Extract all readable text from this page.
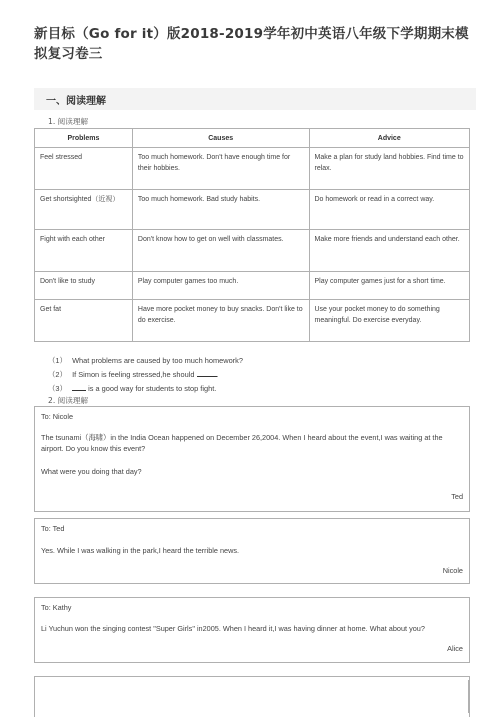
新目标（Go for it）版2018-2019学年初中英语八年级下学期期末模拟复习卷三
一、阅读理解
1. 阅读理解
Problems	Causes	Advice
Feel stressed	Too much homework. Don't have enough time for their hobbies.	Make a plan for study land hobbies. Find time to relax.
Get shortsighted（近视）	Too much homework. Bad study habits.	Do homework or read in a correct way.
Fight with each other	Don't know how to get on well with classmates.	Make more friends and understand each other.
Don't like to study	Play computer games too much.	Play computer games just for a short time.
Get fat	Have more pocket money to buy snacks. Don't like to do exercise.	Use your pocket money to do something meaningful. Do exercise everyday.
（1） What problems are caused by too much homework?
（2） If Simon is feeling stressed,he should	.
（3）	is a good way for students to stop fight.
2. 阅读理解
To: Nicole
The tsunami（海啸）in the India Ocean happened on December 26,2004. When I heard about the event,I was waiting at the airport. Do you know this event?
What were you doing that day?
Ted
To: Ted
Yes. While I was walking in the park,I heard the terrible news.
Nicole
To: Kathy
Li Yuchun won the singing contest "Super Girls" in2005. When I heard it,I was having dinner at home. What about you?
Alice
